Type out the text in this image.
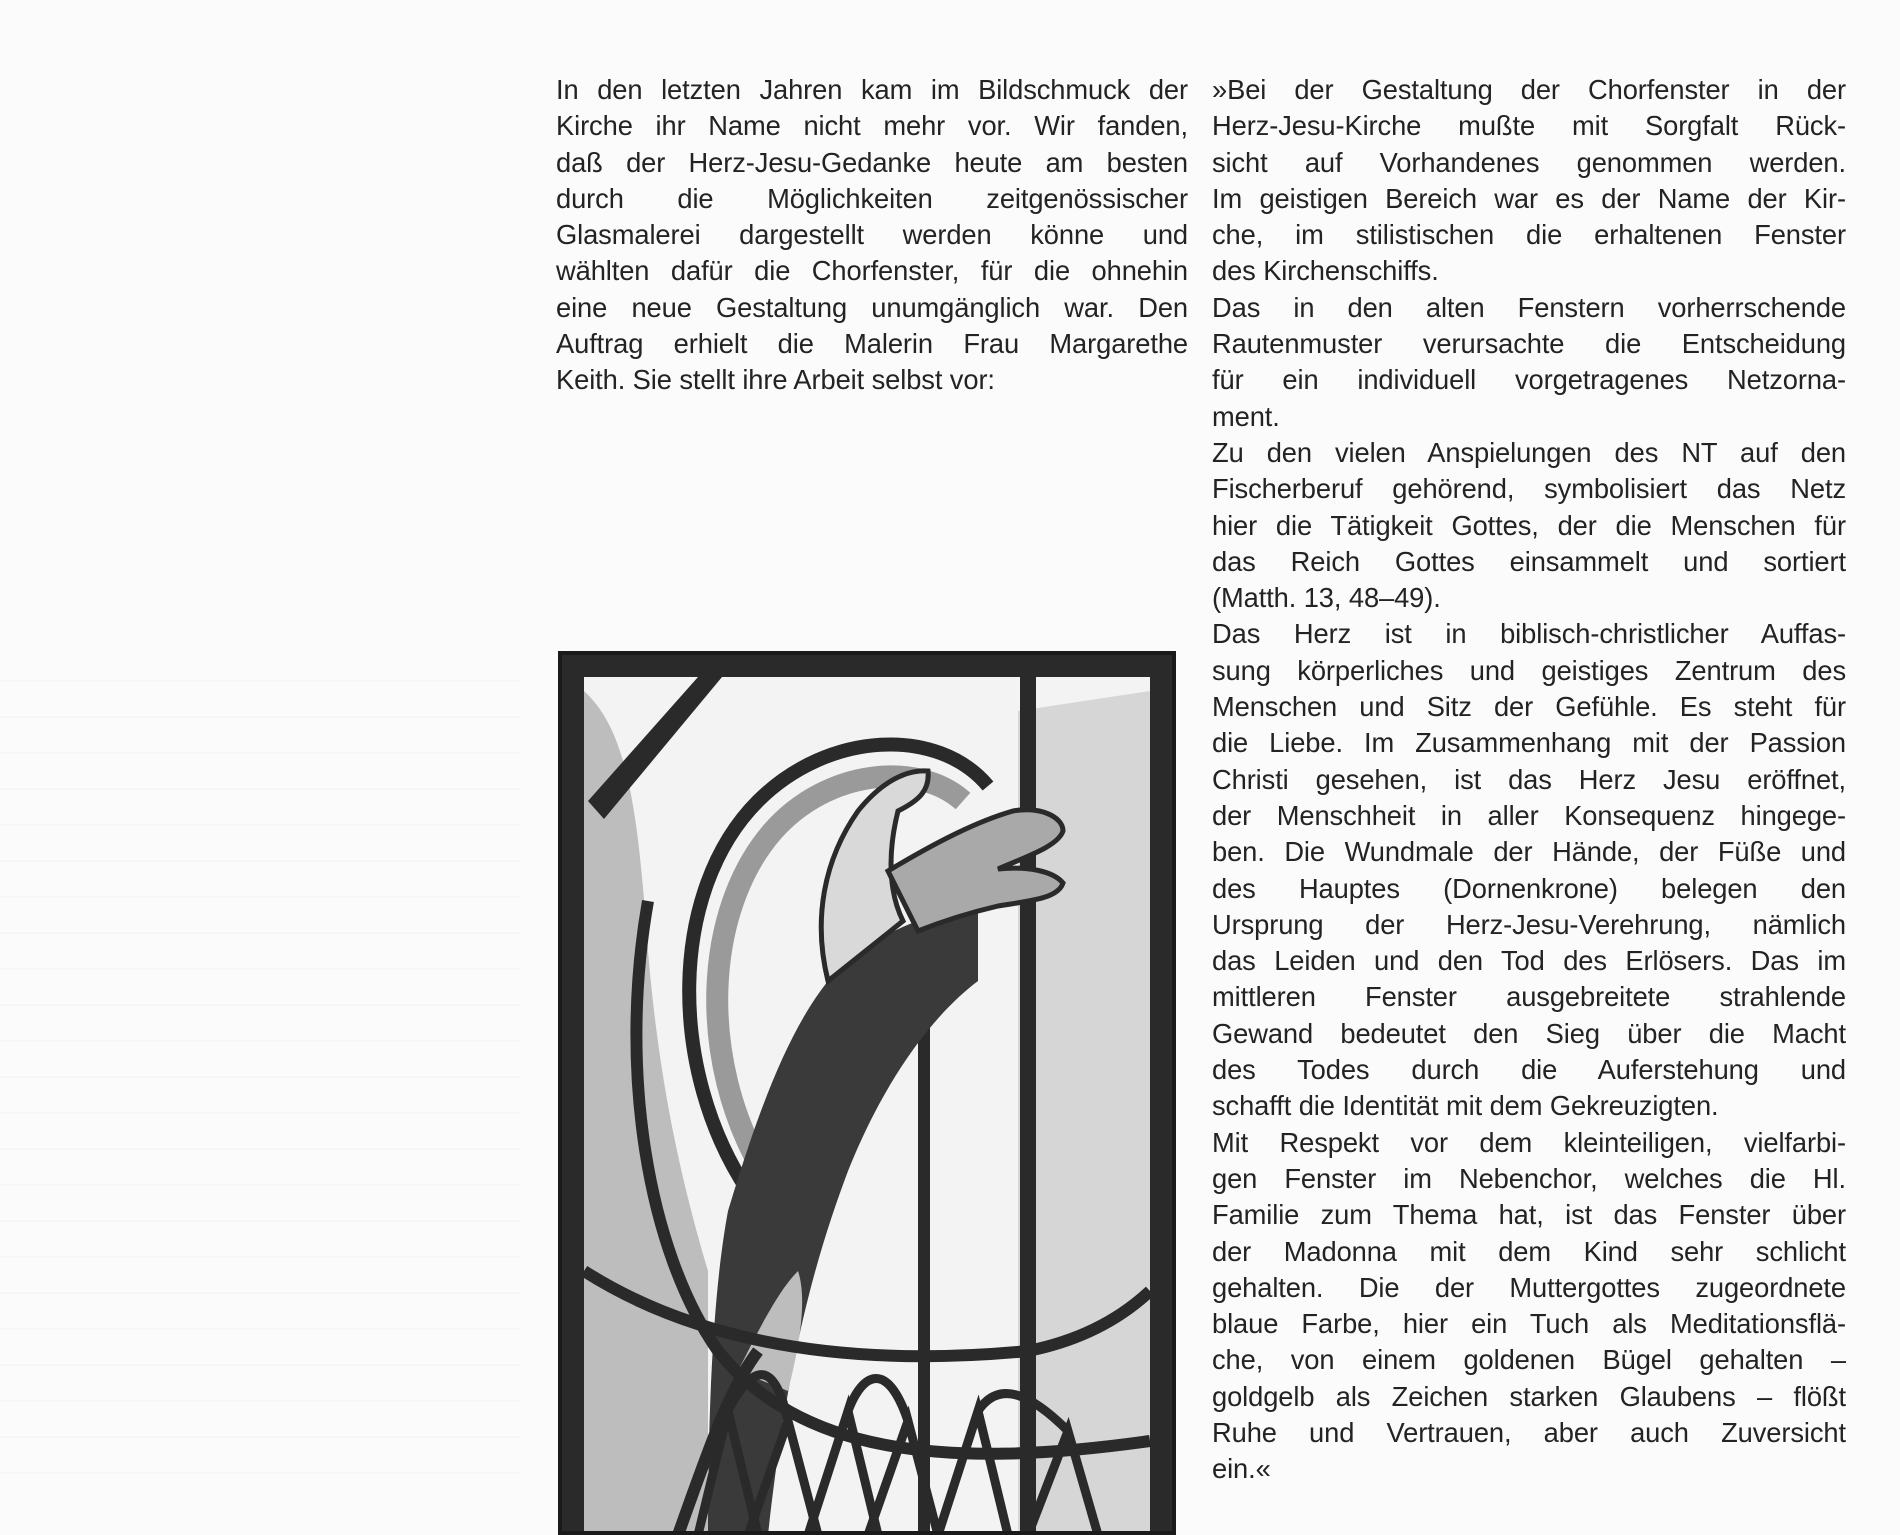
In den letzten Jahren kam im Bildschmuck der
Kirche ihr Name nicht mehr vor. Wir fanden,
daß der Herz-Jesu-Gedanke heute am besten
durch die Möglichkeiten zeitgenössischer
Glasmalerei dargestellt werden könne und
wählten dafür die Chorfenster, für die ohnehin
eine neue Gestaltung unumgänglich war. Den
Auftrag erhielt die Malerin Frau Margarethe
Keith. Sie stellt ihre Arbeit selbst vor:
»Bei der Gestaltung der Chorfenster in der
Herz-Jesu-Kirche mußte mit Sorgfalt Rück-
sicht auf Vorhandenes genommen werden.
Im geistigen Bereich war es der Name der Kir-
che, im stilistischen die erhaltenen Fenster
des Kirchenschiffs.
Das in den alten Fenstern vorherrschende
Rautenmuster verursachte die Entscheidung
für ein individuell vorgetragenes Netzorna-
ment.
Zu den vielen Anspielungen des NT auf den
Fischerberuf gehörend, symbolisiert das Netz
hier die Tätigkeit Gottes, der die Menschen für
das Reich Gottes einsammelt und sortiert
(Matth. 13, 48–49).
Das Herz ist in biblisch-christlicher Auffas-
sung körperliches und geistiges Zentrum des
Menschen und Sitz der Gefühle. Es steht für
die Liebe. Im Zusammenhang mit der Passion
Christi gesehen, ist das Herz Jesu eröffnet,
der Menschheit in aller Konsequenz hingege-
ben. Die Wundmale der Hände, der Füße und
des Hauptes (Dornenkrone) belegen den
Ursprung der Herz-Jesu-Verehrung, nämlich
das Leiden und den Tod des Erlösers. Das im
mittleren Fenster ausgebreitete strahlende
Gewand bedeutet den Sieg über die Macht
des Todes durch die Auferstehung und
schafft die Identität mit dem Gekreuzigten.
Mit Respekt vor dem kleinteiligen, vielfarbi-
gen Fenster im Nebenchor, welches die Hl.
Familie zum Thema hat, ist das Fenster über
der Madonna mit dem Kind sehr schlicht
gehalten. Die der Muttergottes zugeordnete
blaue Farbe, hier ein Tuch als Meditationsflä-
che, von einem goldenen Bügel gehalten –
goldgelb als Zeichen starken Glaubens – flößt
Ruhe und Vertrauen, aber auch Zuversicht
ein.«
